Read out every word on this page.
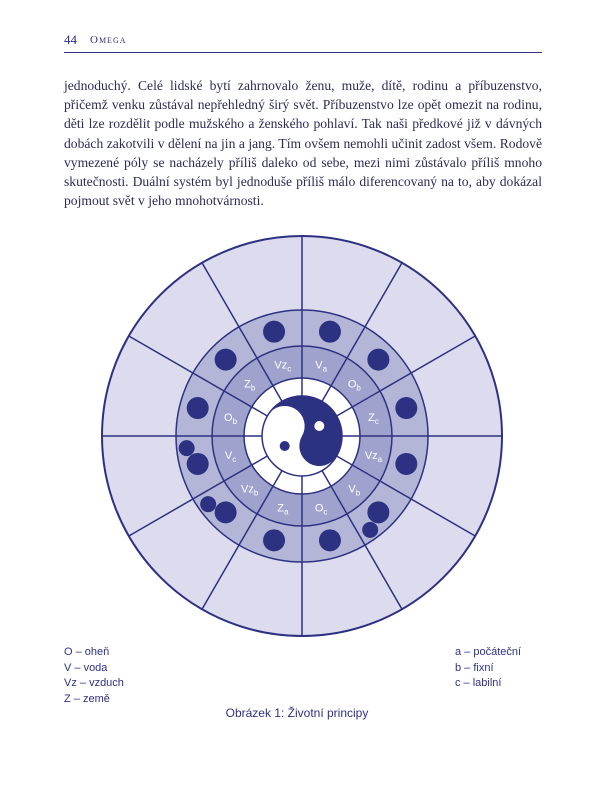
44 Omega

jednoduchý. Celé lidské bytí zahrnovalo ženu, muže, dítě, rodinu a příbuzenstvo, přičemž venku zůstával nepřehledný širý svět. Příbuzenstvo lze opět omezit na rodinu, děti lze rozdělit podle mužského a ženského pohlaví. Tak naši předkové již v dávných dobách zakotvili v dělení na jin a jang. Tím ovšem nemohli učinit zadost všem. Rodově vymezené póly se nacházely příliš daleko od sebe, mezi nimi zůstávalo příliš mnoho skutečnosti. Duální systém byl jednoduše příliš málo diferencovaný na to, aby dokázal pojmout svět v jeho mnohotvárnosti.

$O_b$
$Z_b$
$Vz_c$ $V_a$
$O_b$
$Z_c$
$Vz_a$
$V_b$
$O_c$
$Z_a$
$Vz_b$
$V_c$
O – oheň
V – voda
Vz – vzduch
Z – země
a – počáteční
b – fixní
c – labilní
Obrázek 1: Životní principy
